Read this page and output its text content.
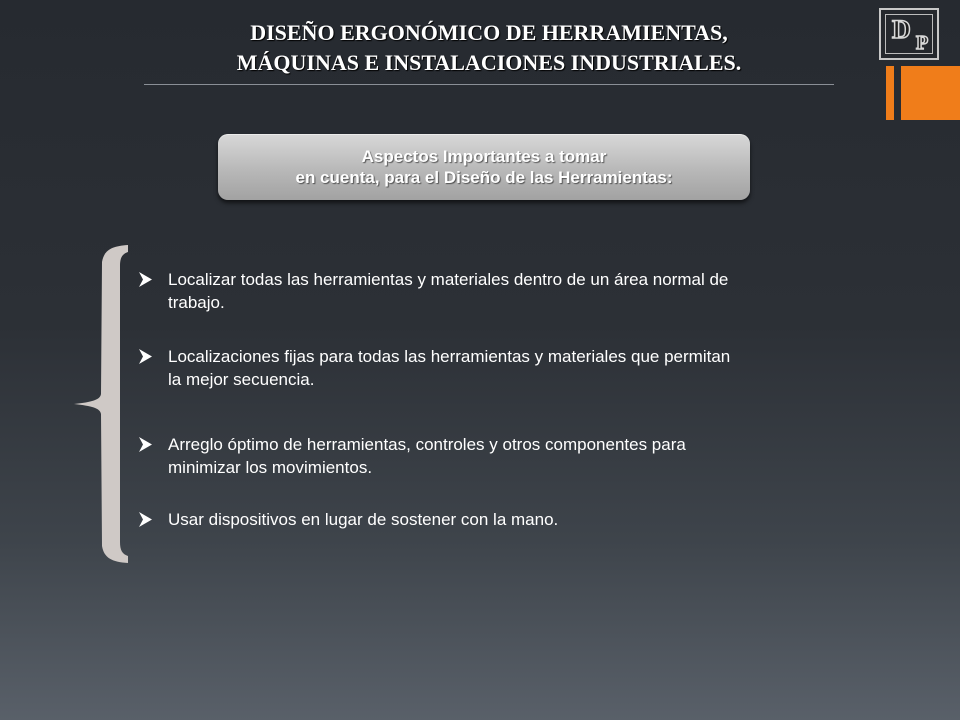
DISEÑO ERGONÓMICO DE HERRAMIENTAS,
MÁQUINAS E INSTALACIONES INDUSTRIALES.
D P
Aspectos Importantes a tomar
en cuenta, para el Diseño de las Herramientas:
Localizar todas las herramientas y materiales dentro de un área normal de
trabajo.
Localizaciones fijas para todas las herramientas y materiales que permitan
la mejor secuencia.
Arreglo óptimo de herramientas, controles y otros componentes para
minimizar los movimientos.
Usar dispositivos en lugar de sostener con la mano.
